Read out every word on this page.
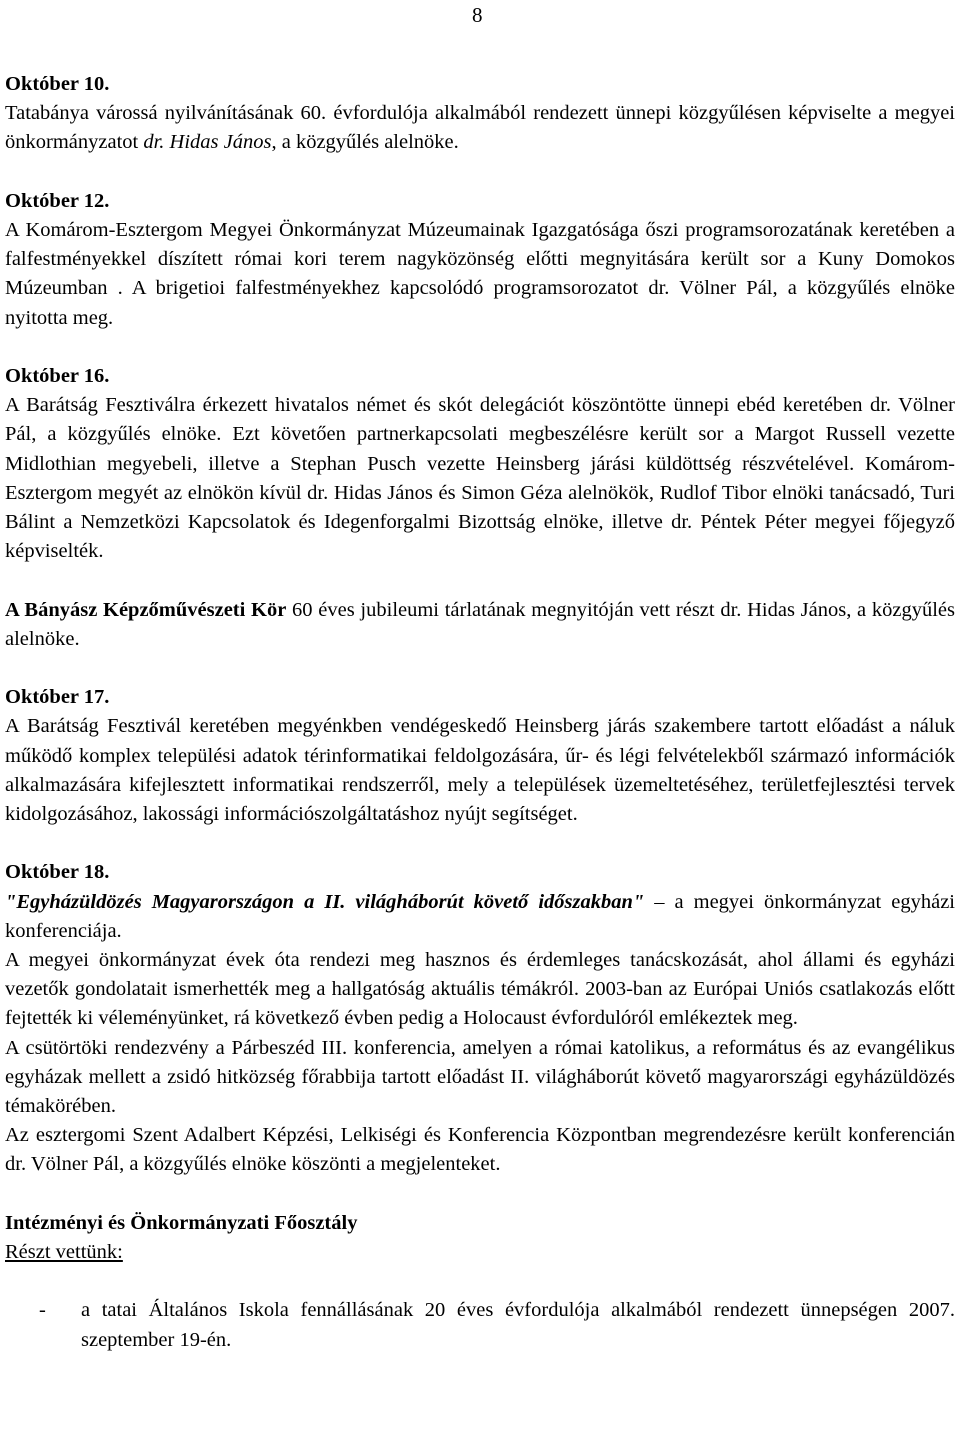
8
Október 10.
Tatabánya várossá nyilvánításának 60. évfordulója alkalmából rendezett ünnepi közgyűlésen képviselte a megyei önkormányzatot dr. Hidas János, a közgyűlés alelnöke.
Október 12.
A Komárom-Esztergom Megyei Önkormányzat Múzeumainak Igazgatósága őszi programsorozatának keretében a falfestményekkel díszített római kori terem nagyközönség előtti megnyitására került sor a Kuny Domokos Múzeumban . A brigetioi falfestményekhez kapcsolódó programsorozatot dr. Völner Pál, a közgyűlés elnöke nyitotta meg.
Október 16.
A Barátság Fesztiválra érkezett hivatalos német és skót delegációt köszöntötte ünnepi ebéd keretében dr. Völner Pál, a közgyűlés elnöke. Ezt követően partnerkapcsolati megbeszélésre került sor a Margot Russell vezette Midlothian megyebeli, illetve a Stephan Pusch vezette Heinsberg járási küldöttség részvételével. Komárom-Esztergom megyét az elnökön kívül dr. Hidas János és Simon Géza alelnökök, Rudlof Tibor elnöki tanácsadó, Turi Bálint a Nemzetközi Kapcsolatok és Idegenforgalmi Bizottság elnöke, illetve dr. Péntek Péter megyei főjegyző képviselték.
A Bányász Képzőművészeti Kör 60 éves jubileumi tárlatának megnyitóján vett részt dr. Hidas János, a közgyűlés alelnöke.
Október 17.
A Barátság Fesztivál keretében megyénkben vendégeskedő Heinsberg járás szakembere tartott előadást a náluk működő komplex települési adatok térinformatikai feldolgozására, űr- és légi felvételekből származó információk alkalmazására kifejlesztett informatikai rendszerről, mely a települések üzemeltetéséhez, területfejlesztési tervek kidolgozásához, lakossági információszolgáltatáshoz nyújt segítséget.
Október 18.
"Egyházüldözés Magyarországon a II. világháborút követő időszakban" – a megyei önkormányzat egyházi konferenciája.
A megyei önkormányzat évek óta rendezi meg hasznos és érdemleges tanácskozását, ahol állami és egyházi vezetők gondolatait ismerhették meg a hallgatóság aktuális témákról. 2003-ban az Európai Uniós csatlakozás előtt fejtették ki véleményünket, rá következő évben pedig a Holocaust évfordulóról emlékeztek meg.
A csütörtöki rendezvény a Párbeszéd III. konferencia, amelyen a római katolikus, a református és az evangélikus egyházak mellett a zsidó hitközség főrabbija tartott előadást II. világháborút követő magyarországi egyházüldözés témakörében.
Az esztergomi Szent Adalbert Képzési, Lelkiségi és Konferencia Központban megrendezésre került konferencián dr. Völner Pál, a közgyűlés elnöke köszönti a megjelenteket.
Intézményi és Önkormányzati Főosztály
Részt vettünk:
-	a tatai Általános Iskola fennállásának 20 éves évfordulója alkalmából rendezett ünnepségen 2007. szeptember 19-én.
